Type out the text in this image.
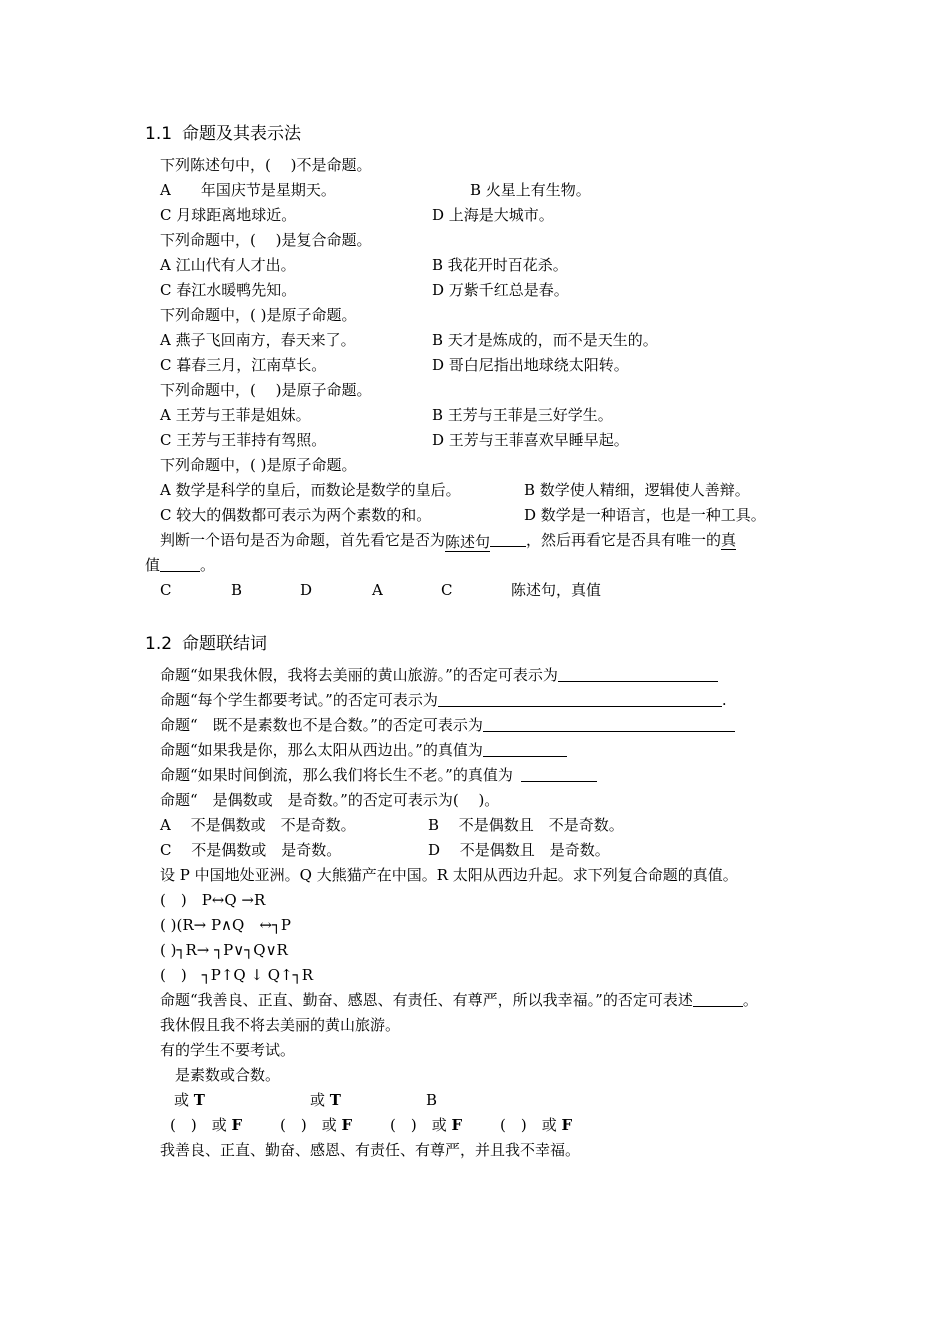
1.1 命题及其表示法
下列陈述句中，(　 )不是命题。
A　　年国庆节是星期天。	B 火星上有生物。
C 月球距离地球近。	D 上海是大城市。
下列命题中，(　 )是复合命题。
A 江山代有人才出。	B 我花开时百花杀。
C 春江水暖鸭先知。	D 万紫千红总是春。
下列命题中，( )是原子命题。
A 燕子飞回南方，春天来了。	B 天才是炼成的，而不是天生的。
C 暮春三月，江南草长。	D 哥白尼指出地球绕太阳转。
下列命题中，(　 )是原子命题。
A 王芳与王菲是姐妹。	B 王芳与王菲是三好学生。
C 王芳与王菲持有驾照。	D 王芳与王菲喜欢早睡早起。
下列命题中，( )是原子命题。
A 数学是科学的皇后，而数论是数学的皇后。	B 数学使人精细，逻辑使人善辩。
C 较大的偶数都可表示为两个素数的和。	D 数学是一种语言，也是一种工具。
判断一个语句是否为命题，首先看它是否为陈述句 ，然后再看它是否具有唯一的真
值	。
C	B	D	A	C	陈述句，真值
1.2 命题联结词
命题“如果我休假，我将去美丽的黄山旅游。”的否定可表示为
命题“每个学生都要考试。”的否定可表示为	.
命题“　既不是素数也不是合数。”的否定可表示为
命题“如果我是你，那么太阳从西边出。”的真值为
命题“如果时间倒流，那么我们将长生不老。”的真值为
命题“　是偶数或　是奇数。”的否定可表示为(　 )。
A　 不是偶数或　不是奇数。	B　 不是偶数且　不是奇数。
C　 不是偶数或　是奇数。	D　 不是偶数且　是奇数。
设 P 中国地处亚洲。Q 大熊猫产在中国。R 太阳从西边升起。求下列复合命题的真值。
(　)　P↔Q →R
( )(R→ P∧Q　↔┐P
( )┐R→ ┐P∨┐Q∨R
(　)　┐P↑Q ↓ Q↑┐R
命题“我善良、正直、勤奋、感恩、有责任、有尊严，所以我幸福。”的否定可表述	。
我休假且我不将去美丽的黄山旅游。
有的学生不要考试。
　是素数或合数。
或 T	或 T	B
(　)　或 F	(　)　或 F	(　)　或 F	(　)　或 F
我善良、正直、勤奋、感恩、有责任、有尊严，并且我不幸福。
